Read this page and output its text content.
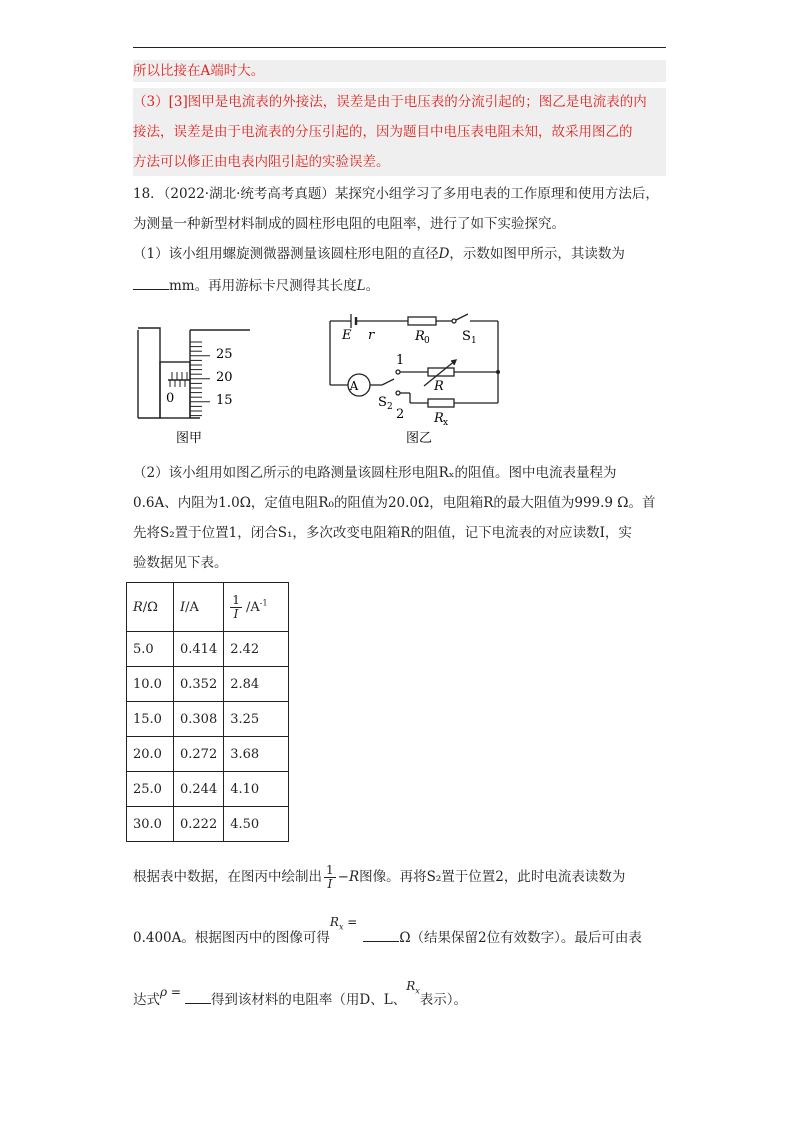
所以比接在A端时大。
（3）[3]图甲是电流表的外接法，误差是由于电压表的分流引起的；图乙是电流表的内
接法，误差是由于电流表的分压引起的，因为题目中电压表电阻未知，故采用图乙的
方法可以修正由电表内阻引起的实验误差。
18．（2022·湖北·统考高考真题）某探究小组学习了多用电表的工作原理和使用方法后，
为测量一种新型材料制成的圆柱形电阻的电阻率，进行了如下实验探究。
（1）该小组用螺旋测微器测量该圆柱形电阻的直径D，示数如图甲所示，其读数为
mm。再用游标卡尺测得其长度L。
25
20
15
0
图甲
A
E r	R 0 S 1
1
R
S 2 2 R x
图乙
（2）该小组用如图乙所示的电路测量该圆柱形电阻Rₓ的阻值。图中电流表量程为
0.6A、内阻为1.0Ω，定值电阻R₀的阻值为20.0Ω，电阻箱R的最大阻值为999.9 Ω。首
先将S₂置于位置1，闭合S₁，多次改变电阻箱R的阻值，记下电流表的对应读数I，实
验数据见下表。
R/Ω	I/A	$\frac{1}{I} /A^{-1}$
5.0	0.414	2.42
10.0	0.352	2.84
15.0	0.308	3.25
20.0	0.272	3.68
25.0	0.244	4.10
30.0	0.222	4.50
根据表中数据，在图丙中绘制出 $\frac{1}{I} -R$图像。再将S₂置于位置2，此时电流表读数为
0.400A。根据图丙中的图像可得$R_x =\Omega$（结果保留2位有效数字）。最后可由表
达式ρ = 得到该材料的电阻率（用D、L、$R_x$表示）。
